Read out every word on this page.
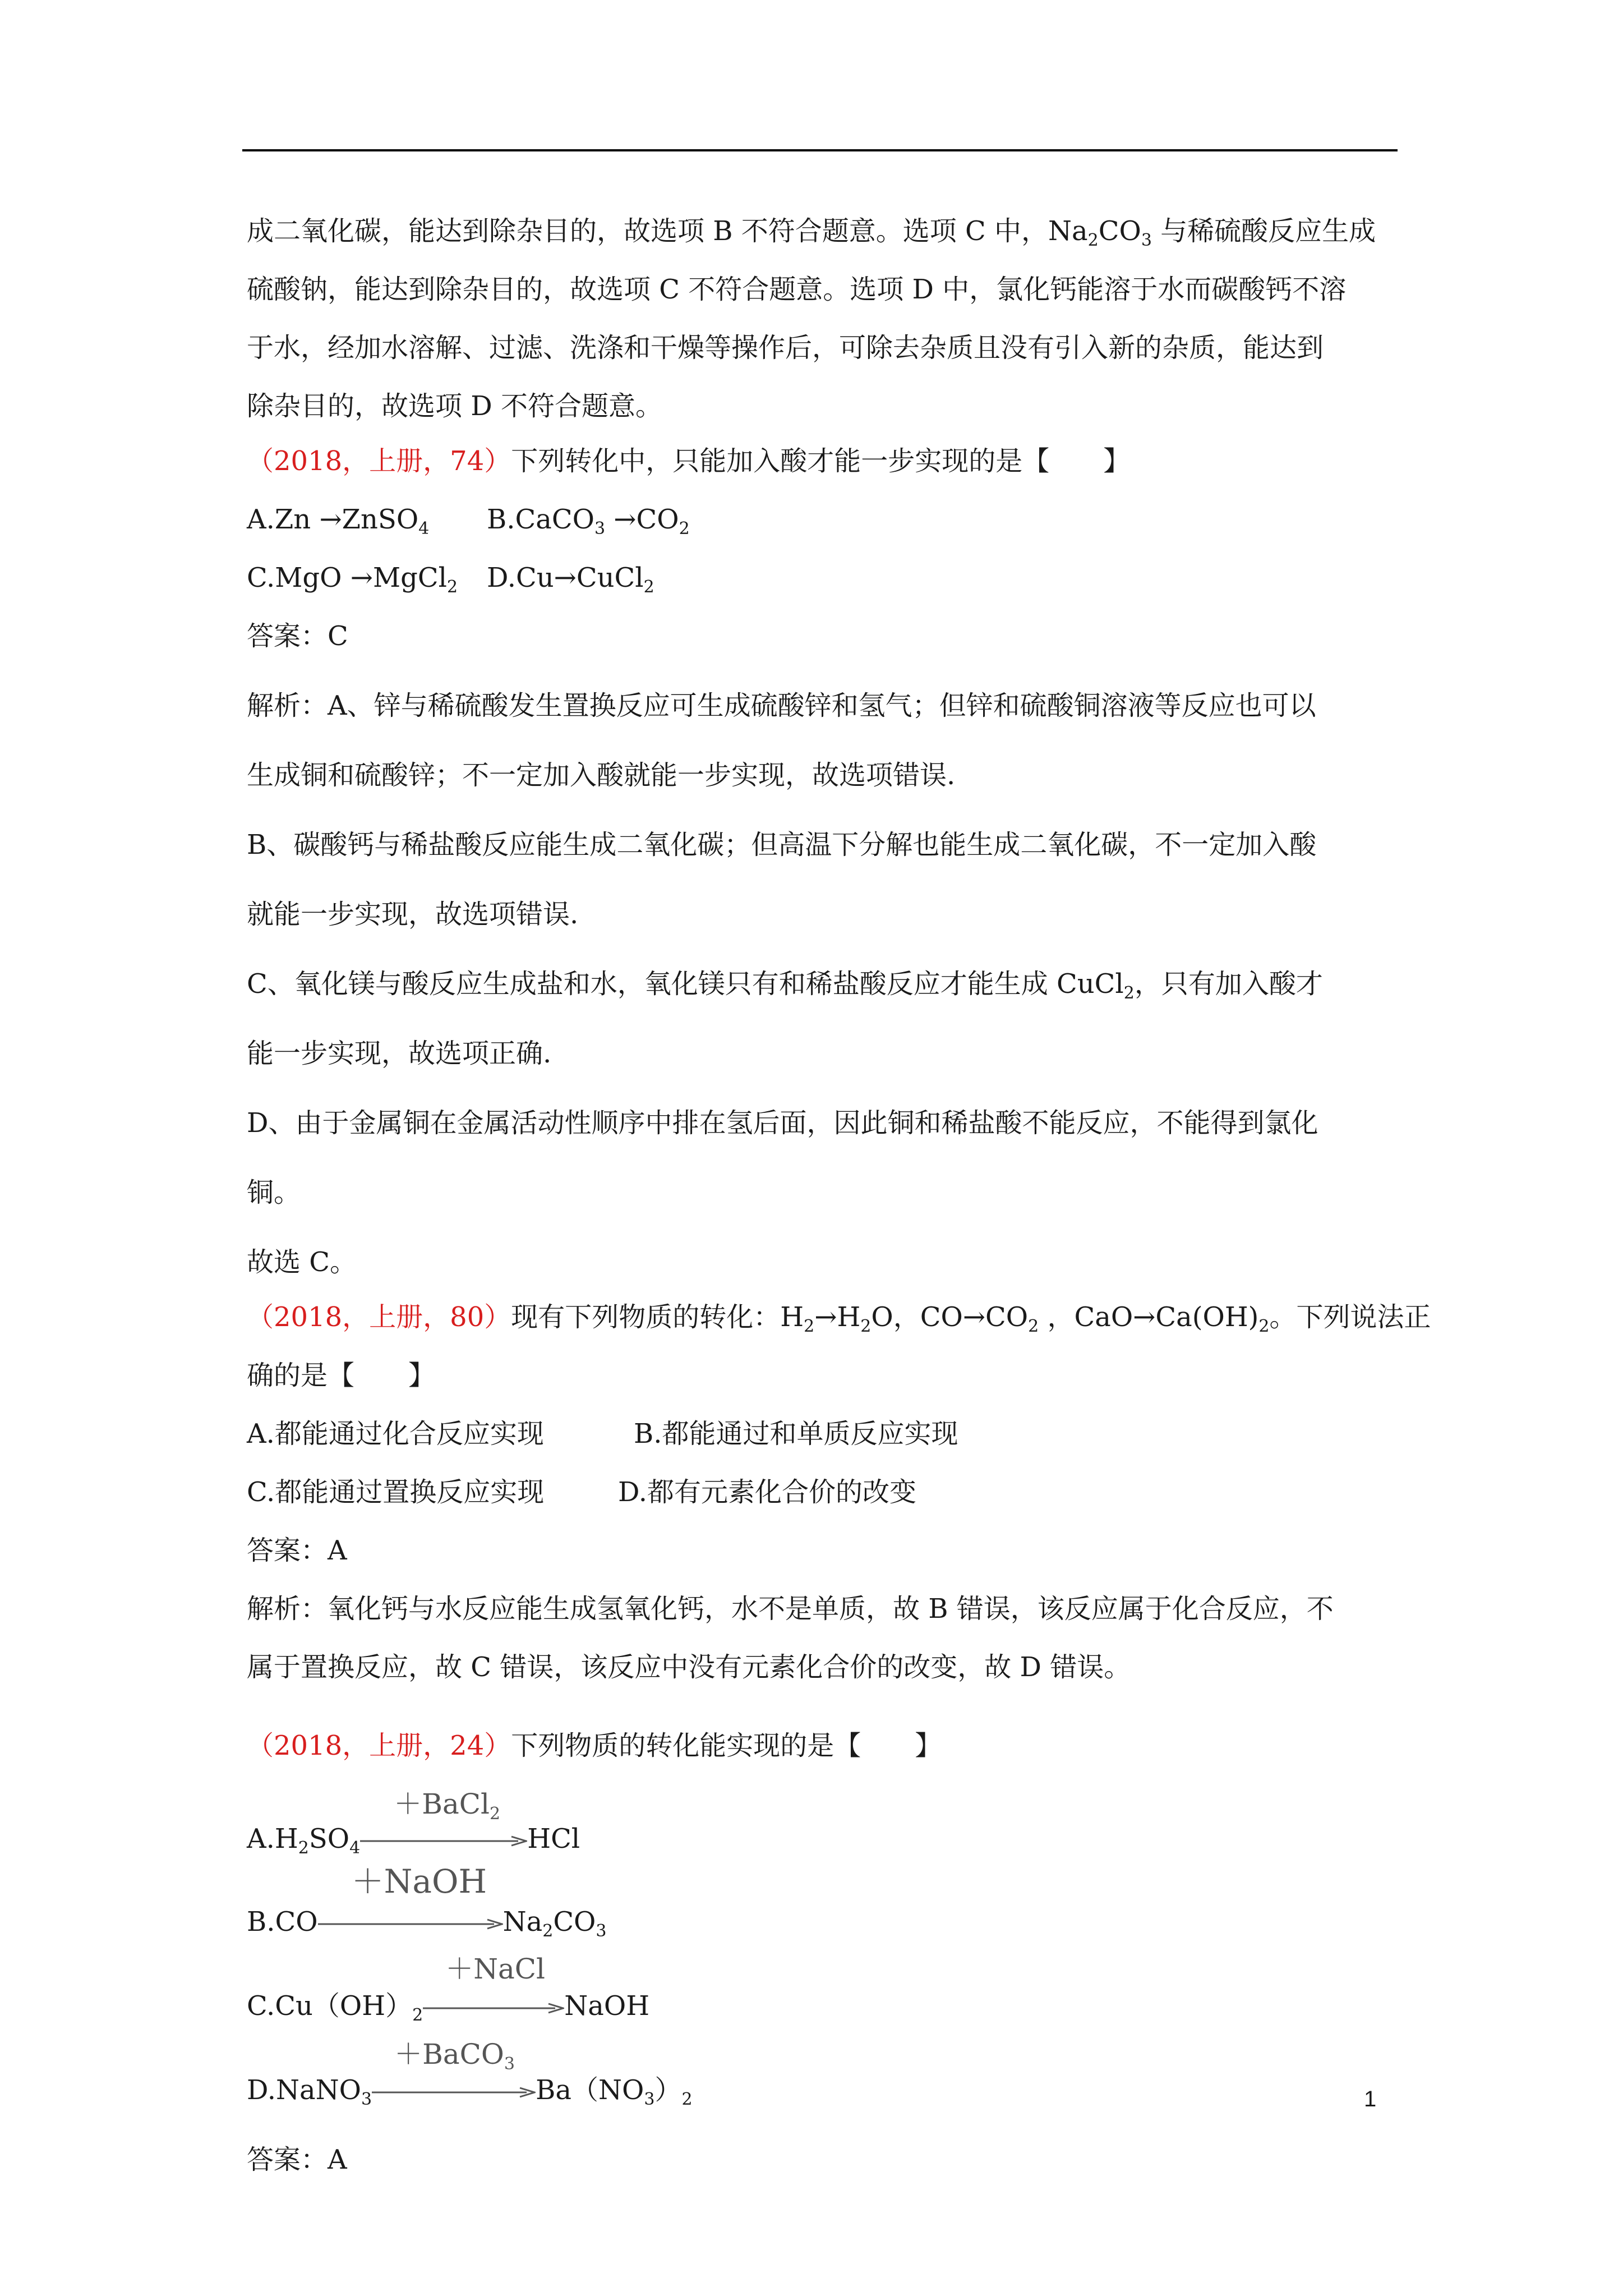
成二氧化碳，能达到除杂目的，故选项 B 不符合题意。选项 C 中，$Na_2CO_3$ 与稀硫酸反应生成
硫酸钠，能达到除杂目的，故选项 C 不符合题意。选项 D 中，氯化钙能溶于水而碳酸钙不溶
于水，经加水溶解、过滤、洗涤和干燥等操作后，可除去杂质且没有引入新的杂质，能达到
除杂目的，故选项 D 不符合题意。
（2018，上册，74）下列转化中，只能加入酸才能一步实现的是【　　】
A.Zn →ZnSO$_4$ B.CaCO$_3$ $\to CO_2$
C.MgO →MgCl$_2$ D.Cu→CuCl$_2$
答案：C
解析：A、锌与稀硫酸发生置换反应可生成硫酸锌和氢气；但锌和硫酸铜溶液等反应也可以
生成铜和硫酸锌；不一定加入酸就能一步实现，故选项错误.
B、碳酸钙与稀盐酸反应能生成二氧化碳；但高温下分解也能生成二氧化碳，不一定加入酸
就能一步实现，故选项错误.
C、氧化镁与酸反应生成盐和水，氧化镁只有和稀盐酸反应才能生成 CuCl$_2$，只有加入酸才
能一步实现，故选项正确.
D、由于金属铜在金属活动性顺序中排在氢后面，因此铜和稀盐酸不能反应，不能得到氯化
铜。
故选 C。
（2018，上册，80）现有下列物质的转化：$H_2\to H_2O$，$CO\to CO_2$ ，$CaO\to Ca(OH)_2$。下列说法正
确的是【　　】
A.都能通过化合反应实现	B.都能通过和单质反应实现
C.都能通过置换反应实现	D.都有元素化合价的改变
答案：A
解析：氧化钙与水反应能生成氢氧化钙，水不是单质，故 B 错误，该反应属于化合反应，不
属于置换反应，故 C 错误，该反应中没有元素化合价的改变，故 D 错误。
（2018，上册，24）下列物质的转化能实现的是【　　】
$A.H_2SO_4$
＋BaCl$_2$
HCl
B.CO
＋NaOH
$Na_2CO_3$
$C.Cu(OH)_2$
＋NaCl
NaOH
D.NaNO$_3$
＋BaCO$_3$
$Ba(NO_3)_2$
答案：A
1
